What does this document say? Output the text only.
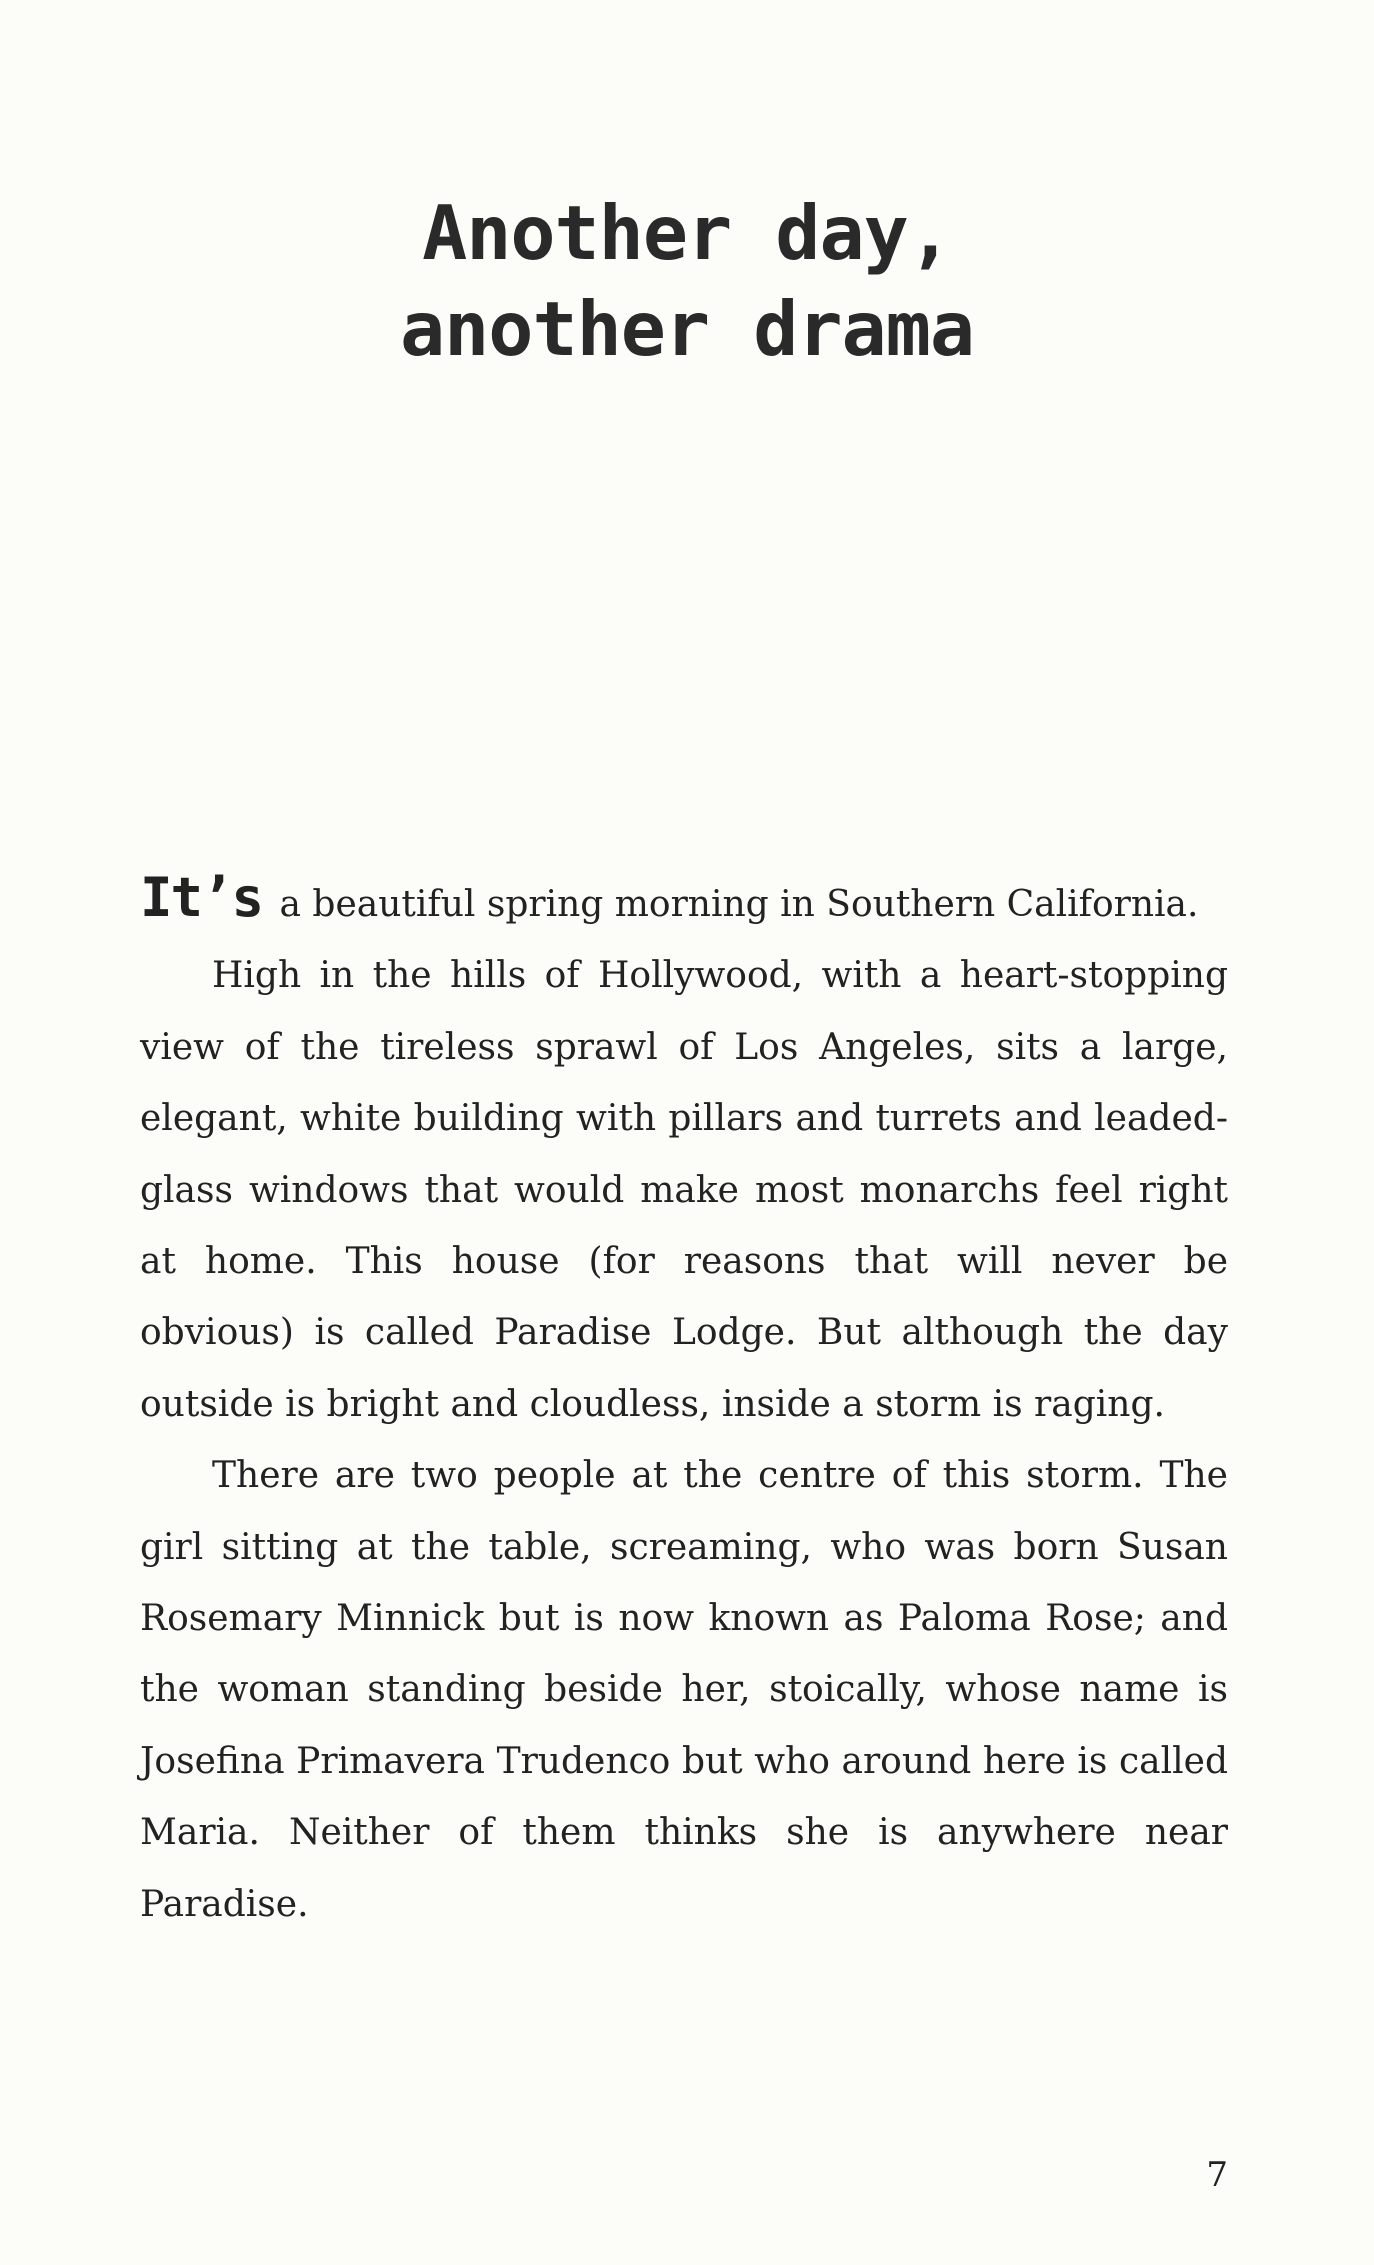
Another day,
another drama

It’s a beautiful spring morning in Southern California.

High in the hills of Hollywood, with a heart-stopping view of the tireless sprawl of Los Angeles, sits a large, elegant, white building with pillars and turrets and leaded-glass windows that would make most monarchs feel right at home. This house (for reasons that will never be obvious) is called Paradise Lodge. But although the day outside is bright and cloudless, inside a storm is raging.

There are two people at the centre of this storm. The girl sitting at the table, screaming, who was born Susan Rosemary Minnick but is now known as Paloma Rose; and the woman standing beside her, stoically, whose name is Josefina Primavera Trudenco but who around here is called Maria. Neither of them thinks she is anywhere near Paradise.

7
